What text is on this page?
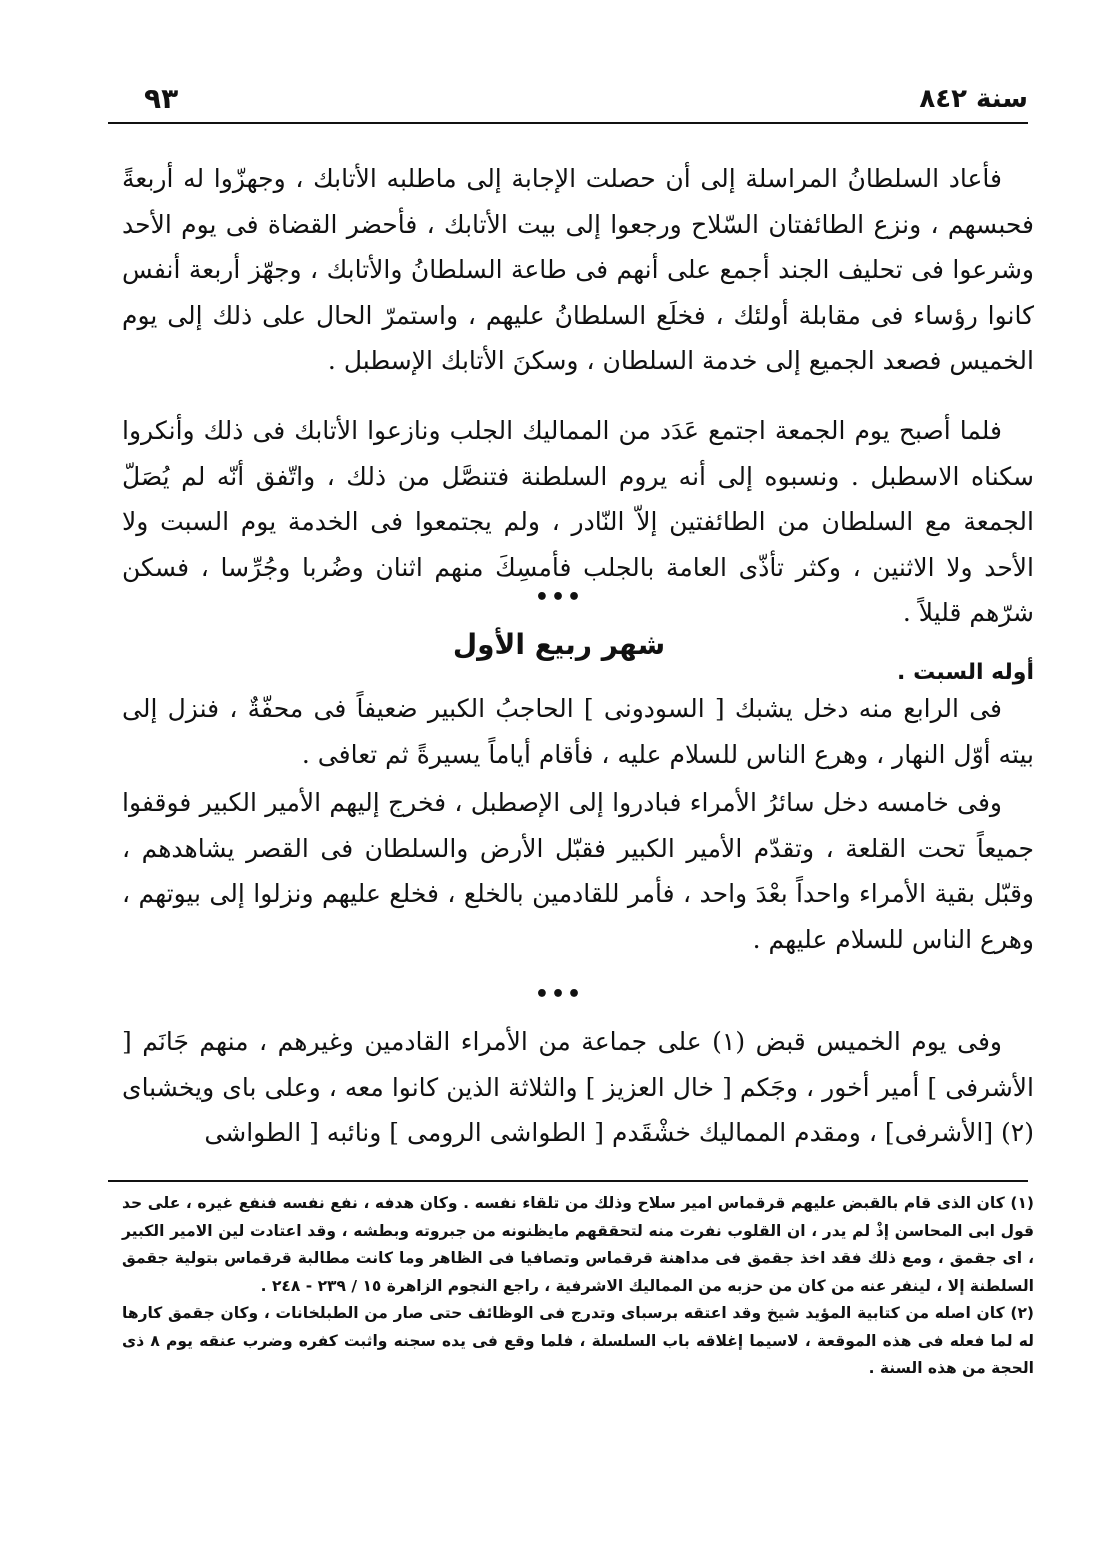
سنة ٨٤٢
٩٣

فأعاد السلطانُ المراسلة إلى أن حصلت الإجابة إلى ماطلبه الأتابك ، وجهزّوا له أربعةً فحبسهم ، ونزع الطائفتان السّلاح ورجعوا إلى بيت الأتابك ، فأحضر القضاة فى يوم الأحد وشرعوا فى تحليف الجند أجمع على أنهم فى طاعة السلطانُ والأتابك ، وجهّز أربعة أنفس كانوا رؤساء فى مقابلة أولئك ، فخلَع السلطانُ عليهم ، واستمرّ الحال على ذلك إلى يوم الخميس فصعد الجميع إلى خدمة السلطان ، وسكنَ الأتابك الإسطبل .

فلما أصبح يوم الجمعة اجتمع عَدَد من المماليك الجلب ونازعوا الأتابك فى ذلك وأنكروا سكناه الاسطبل . ونسبوه إلى أنه يروم السلطنة فتنصَّل من ذلك ، واتّفق أنّه لم يُصَلّ الجمعة مع السلطان من الطائفتين إلاّ النّادر ، ولم يجتمعوا فى الخدمة يوم السبت ولا الأحد ولا الاثنين ، وكثر تأذّى العامة بالجلب فأمسِكَ منهم اثنان وضُربا وجُرِّسا ، فسكن شرّهم قليلاً .

•••
شهر ربيع الأول
أوله السبت .

فى الرابع منه دخل يشبك [ السودونى ] الحاجبُ الكبير ضعيفاً فى محفّةٌ ، فنزل إلى بيته أوّل النهار ، وهرع الناس للسلام عليه ، فأقام أياماً يسيرةً ثم تعافى .

وفى خامسه دخل سائرُ الأمراء فبادروا إلى الإصطبل ، فخرج إليهم الأمير الكبير فوقفوا جميعاً تحت القلعة ، وتقدّم الأمير الكبير فقبّل الأرض والسلطان فى القصر يشاهدهم ، وقبّل بقية الأمراء واحداً بعْدَ واحد ، فأمر للقادمين بالخلع ، فخلع عليهم ونزلوا إلى بيوتهم ، وهرع الناس للسلام عليهم .

•••

وفى يوم الخميس قبض (١) على جماعة من الأمراء القادمين وغيرهم ، منهم جَانَم [ الأشرفى ] أمير أخور ، وجَكم [ خال العزيز ] والثلاثة الذين كانوا معه ، وعلى باى ويخشباى (٢) [الأشرفى] ، ومقدم المماليك خشْقَدم [ الطواشى الرومى ] ونائبه [ الطواشى

(١) كان الذى قام بالقبض عليهم قرقماس امير سلاح وذلك من تلقاء نفسه . وكان هدفه ، نفع نفسه فنفع غيره ، على حد قول ابى المحاسن إذْ لم يدر ، ان القلوب نفرت منه لتحققهم مايظنونه من جبروته وبطشه ، وقد اعتادت لين الامير الكبير ، اى جقمق ، ومع ذلك فقد اخذ جقمق فى مداهنة قرقماس وتصافيا فى الظاهر وما كانت مطالبة قرقماس بتولية جقمق السلطنة إلا ، لينفر عنه من كان من حزبه من المماليك الاشرفية ، راجع النجوم الزاهرة ١٥ / ٢٣٩ - ٢٤٨ .

(٢) كان اصله من كتابية المؤيد شيخ وقد اعتقه برسباى وتدرج فى الوظائف حتى صار من الطبلخانات ، وكان جقمق كارها له لما فعله فى هذه الموقعة ، لاسيما إغلاقه باب السلسلة ، فلما وقع فى يده سجنه واثبت كفره وضرب عنقه يوم ٨ ذى الحجة من هذه السنة .
